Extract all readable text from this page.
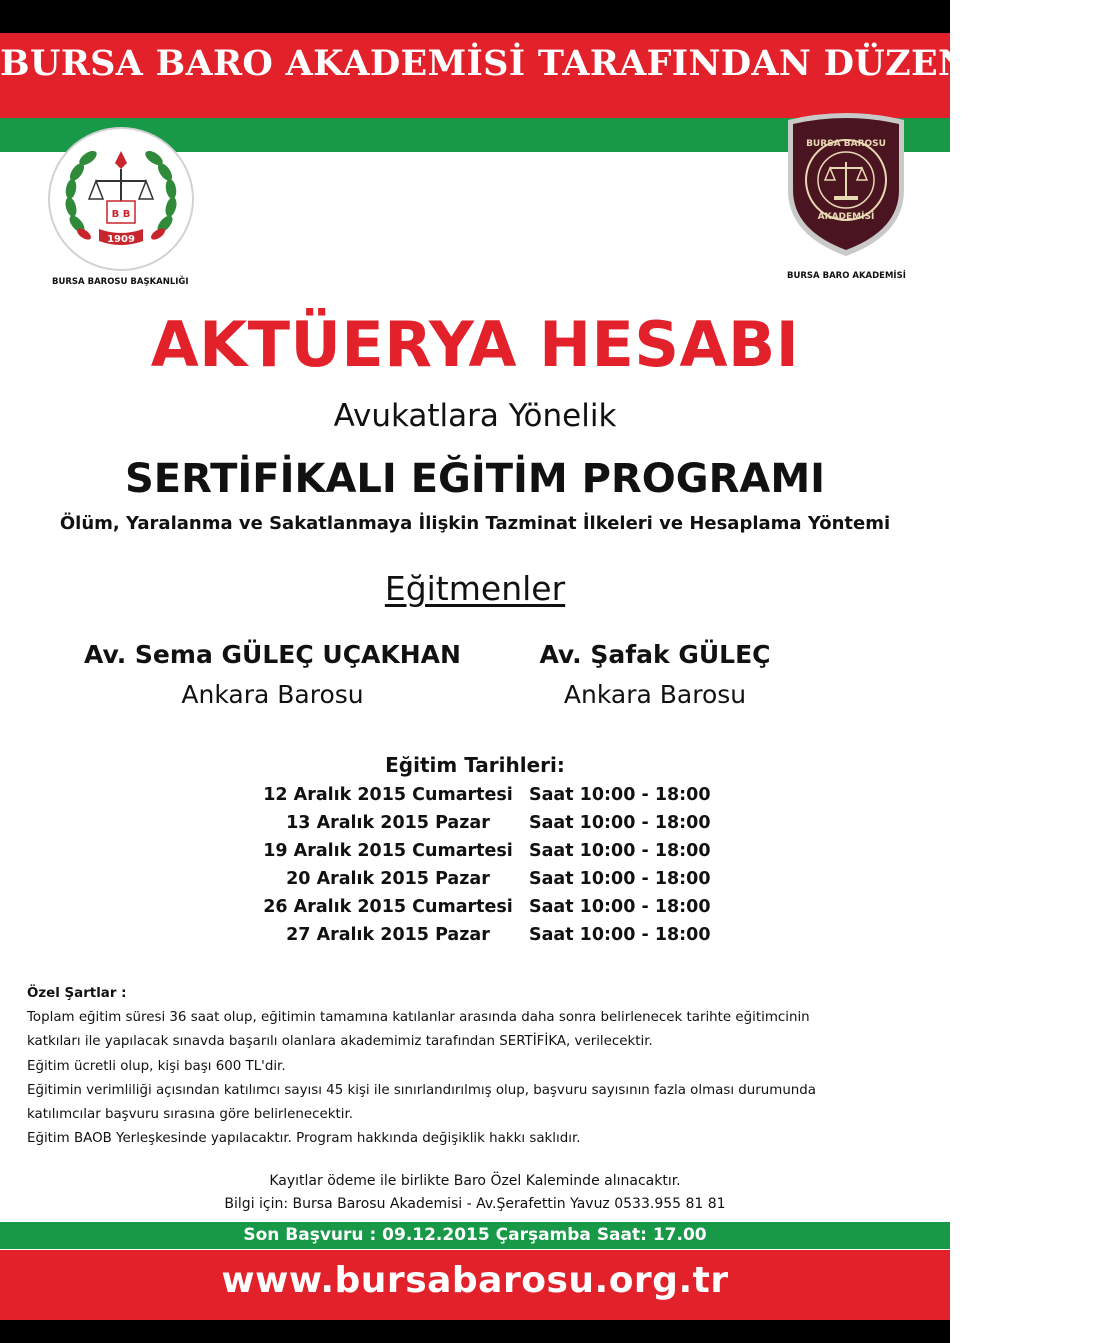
BURSA BARO AKADEMİSİ TARAFINDAN DÜZENLENEN
B B
1909
BURSA BAROSU BAŞKANLIĞI
BURSA BAROSU
AKADEMİSİ
BURSA BARO AKADEMİSİ
AKTÜERYA HESABI
Avukatlara Yönelik
SERTİFİKALI EĞİTİM PROGRAMI
Ölüm, Yaralanma ve Sakatlanmaya İlişkin Tazminat İlkeleri ve Hesaplama Yöntemi
Eğitmenler
Av. Sema GÜLEÇ UÇAKHAN
Ankara Barosu
Av. Şafak GÜLEÇ
Ankara Barosu
Eğitim Tarihleri:
12 Aralık 2015 Cumartesi Saat 10:00 - 18:00
13 Aralık 2015 Pazar	Saat 10:00 - 18:00
19 Aralık 2015 Cumartesi Saat 10:00 - 18:00
20 Aralık 2015 Pazar	Saat 10:00 - 18:00
26 Aralık 2015 Cumartesi Saat 10:00 - 18:00
27 Aralık 2015 Pazar	Saat 10:00 - 18:00

Özel Şartlar :

Toplam eğitim süresi 36 saat olup, eğitimin tamamına katılanlar arasında daha sonra belirlenecek tarihte eğitimcinin

katkıları ile yapılacak sınavda başarılı olanlara akademimiz tarafından SERTİFİKA, verilecektir.

Eğitim ücretli olup, kişi başı 600 TL'dir.

Eğitimin verimliliği açısından katılımcı sayısı 45 kişi ile sınırlandırılmış olup, başvuru sayısının fazla olması durumunda

katılımcılar başvuru sırasına göre belirlenecektir.

Eğitim BAOB Yerleşkesinde yapılacaktır. Program hakkında değişiklik hakkı saklıdır.

Kayıtlar ödeme ile birlikte Baro Özel Kaleminde alınacaktır.
Bilgi için: Bursa Barosu Akademisi - Av.Şerafettin Yavuz 0533.955 81 81
Son Başvuru : 09.12.2015 Çarşamba Saat: 17.00
www.bursabarosu.org.tr
